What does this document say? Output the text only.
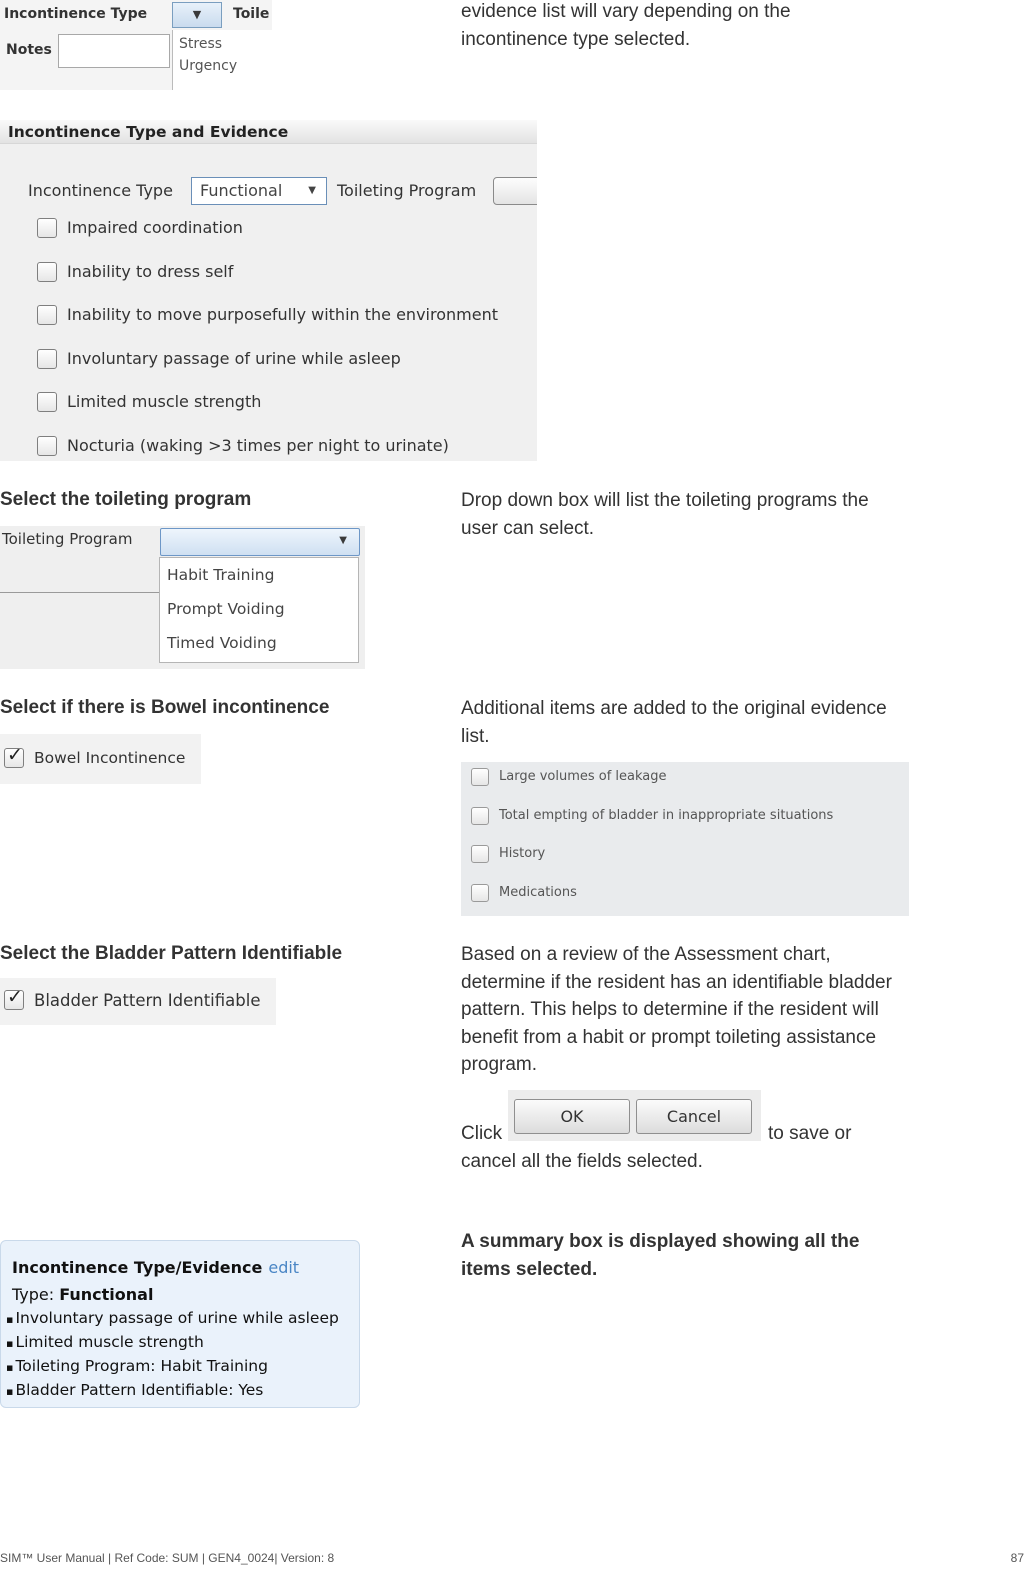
Incontinence Type	▼	Toile
Notes	Stress
Urgency
evidence list will vary depending on the incontinence type selected.
Incontinence Type and Evidence
Incontinence Type	Functional	▼ Toileting Program
Impaired coordination
Inability to dress self
Inability to move purposefully within the environment
Involuntary passage of urine while asleep
Limited muscle strength
Nocturia (waking >3 times per night to urinate)
Select the toileting program	Drop down box will list the toileting programs the user can select.
Toileting Program	▼
Habit Training
Prompt Voiding
Timed Voiding
Select if there is Bowel incontinence
✓ Bowel Incontinence
Additional items are added to the original evidence list.
Large volumes of leakage
Total empting of bladder in inappropriate situations
History
Medications
Select the Bladder Pattern Identifiable
✓ Bladder Pattern Identifiable
Based on a review of the Assessment chart, determine if the resident has an identifiable bladder pattern. This helps to determine if the resident will benefit from a habit or prompt toileting assistance program.
Click
OK	Cancel
to save or
cancel all the fields selected.
A summary box is displayed showing all the items selected.
Incontinence Type/Evidence edit
Type: Functional
▪ Involuntary passage of urine while asleep
▪ Limited muscle strength
▪ Toileting Program: Habit Training
▪ Bladder Pattern Identifiable: Yes
SIM™ User Manual | Ref Code: SUM | GEN4_0024| Version: 8	87
